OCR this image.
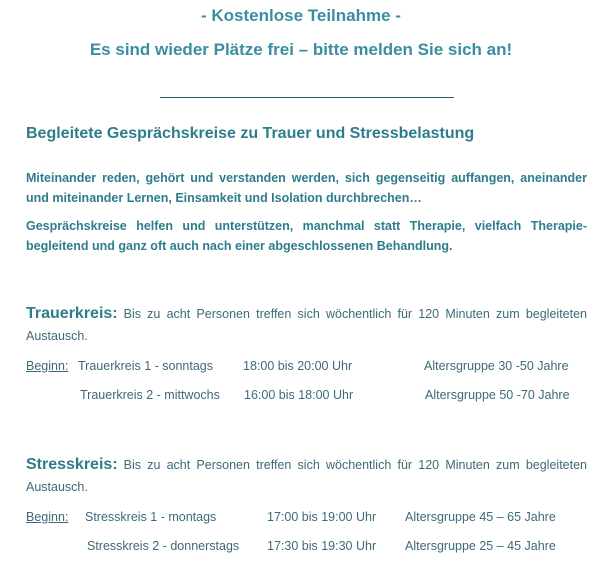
- Kostenlose Teilnahme -
Es sind wieder Plätze frei – bitte melden Sie sich an!
Begleitete Gesprächskreise zu Trauer und Stressbelastung
Miteinander reden, gehört und verstanden werden, sich gegenseitig auffangen, aneinander und miteinander Lernen, Einsamkeit und Isolation durchbrechen…
Gesprächskreise helfen und unterstützen, manchmal statt Therapie, vielfach Therapie-begleitend und ganz oft auch nach einer abgeschlossenen Behandlung.
Trauerkreis: Bis zu acht Personen treffen sich wöchentlich für 120 Minuten zum begleiteten Austausch.
Beginn: Trauerkreis 1 - sonntags 18:00 bis 20:00 Uhr	Altersgruppe 30 -50 Jahre
Trauerkreis 2 - mittwochs 16:00 bis 18:00 Uhr	Altersgruppe 50 -70 Jahre
Stresskreis: Bis zu acht Personen treffen sich wöchentlich für 120 Minuten zum begleiteten Austausch.
Beginn: Stresskreis 1 - montags	17:00 bis 19:00 Uhr Altersgruppe 45 – 65 Jahre
Stresskreis 2 - donnerstags 17:30 bis 19:30 Uhr Altersgruppe 25 – 45 Jahre
